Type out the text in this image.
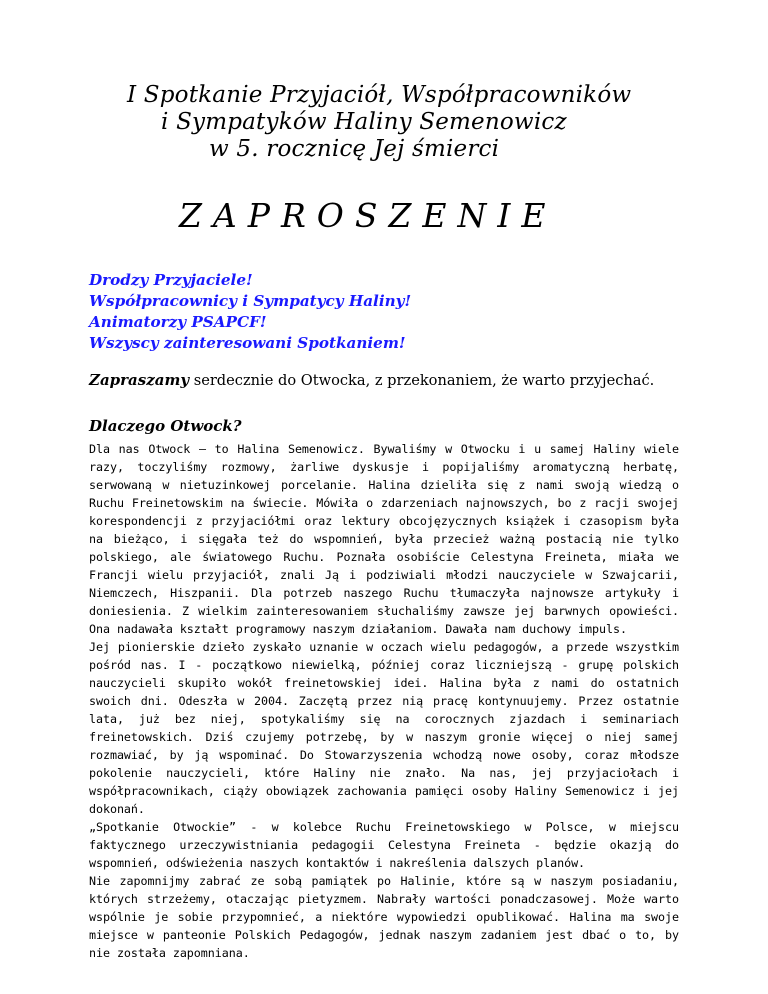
I Spotkanie Przyjaciół, Współpracowników
i Sympatyków Haliny Semenowicz
w 5. rocznicę Jej śmierci
ZAPROSZENIE
Drodzy Przyjaciele!
Współpracownicy i Sympatycy Haliny!
Animatorzy PSAPCF!
Wszyscy zainteresowani Spotkaniem!
Zapraszamy serdecznie do Otwocka, z przekonaniem, że warto przyjechać.
Dlaczego Otwock?

Dla nas Otwock – to Halina Semenowicz. Bywaliśmy w Otwocku i u samej Haliny wiele razy, toczyliśmy rozmowy, żarliwe dyskusje i popijaliśmy aromatyczną herbatę, serwowaną w nietuzinkowej porcelanie. Halina dzieliła się z nami swoją wiedzą o Ruchu Freinetowskim na świecie. Mówiła o zdarzeniach najnowszych, bo z racji swojej korespondencji z przyjaciółmi oraz lektury obcojęzycznych książek i czasopism była na bieżąco, i sięgała też do wspomnień, była przecież ważną postacią nie tylko polskiego, ale światowego Ruchu. Poznała osobiście Celestyna Freineta, miała we Francji wielu przyjaciół, znali Ją i podziwiali młodzi nauczyciele w Szwajcarii, Niemczech, Hiszpanii. Dla potrzeb naszego Ruchu tłumaczyła najnowsze artykuły i doniesienia. Z wielkim zainteresowaniem słuchaliśmy zawsze jej barwnych opowieści. Ona nadawała kształt programowy naszym działaniom. Dawała nam duchowy impuls.

Jej pionierskie dzieło zyskało uznanie w oczach wielu pedagogów, a przede wszystkim pośród nas. I - początkowo niewielką, później coraz liczniejszą - grupę polskich nauczycieli skupiło wokół freinetowskiej idei. Halina była z nami do ostatnich swoich dni. Odeszła w 2004. Zaczętą przez nią pracę kontynuujemy. Przez ostatnie lata, już bez niej, spotykaliśmy się na corocznych zjazdach i seminariach freinetowskich. Dziś czujemy potrzebę, by w naszym gronie więcej o niej samej rozmawiać, by ją wspominać. Do Stowarzyszenia wchodzą nowe osoby, coraz młodsze pokolenie nauczycieli, które Haliny nie znało. Na nas, jej przyjaciołach i współpracownikach, ciąży obowiązek zachowania pamięci osoby Haliny Semenowicz i jej dokonań.

„Spotkanie Otwockie” - w kolebce Ruchu Freinetowskiego w Polsce, w miejscu faktycznego urzeczywistniania pedagogii Celestyna Freineta - będzie okazją do wspomnień, odświeżenia naszych kontaktów i nakreślenia dalszych planów.

Nie zapomnijmy zabrać ze sobą pamiątek po Halinie, które są w naszym posiadaniu, których strzeżemy, otaczając pietyzmem. Nabrały wartości ponadczasowej. Może warto wspólnie je sobie przypomnieć, a niektóre wypowiedzi opublikować. Halina ma swoje miejsce w panteonie Polskich Pedagogów, jednak naszym zadaniem jest dbać o to, by nie została zapomniana.
